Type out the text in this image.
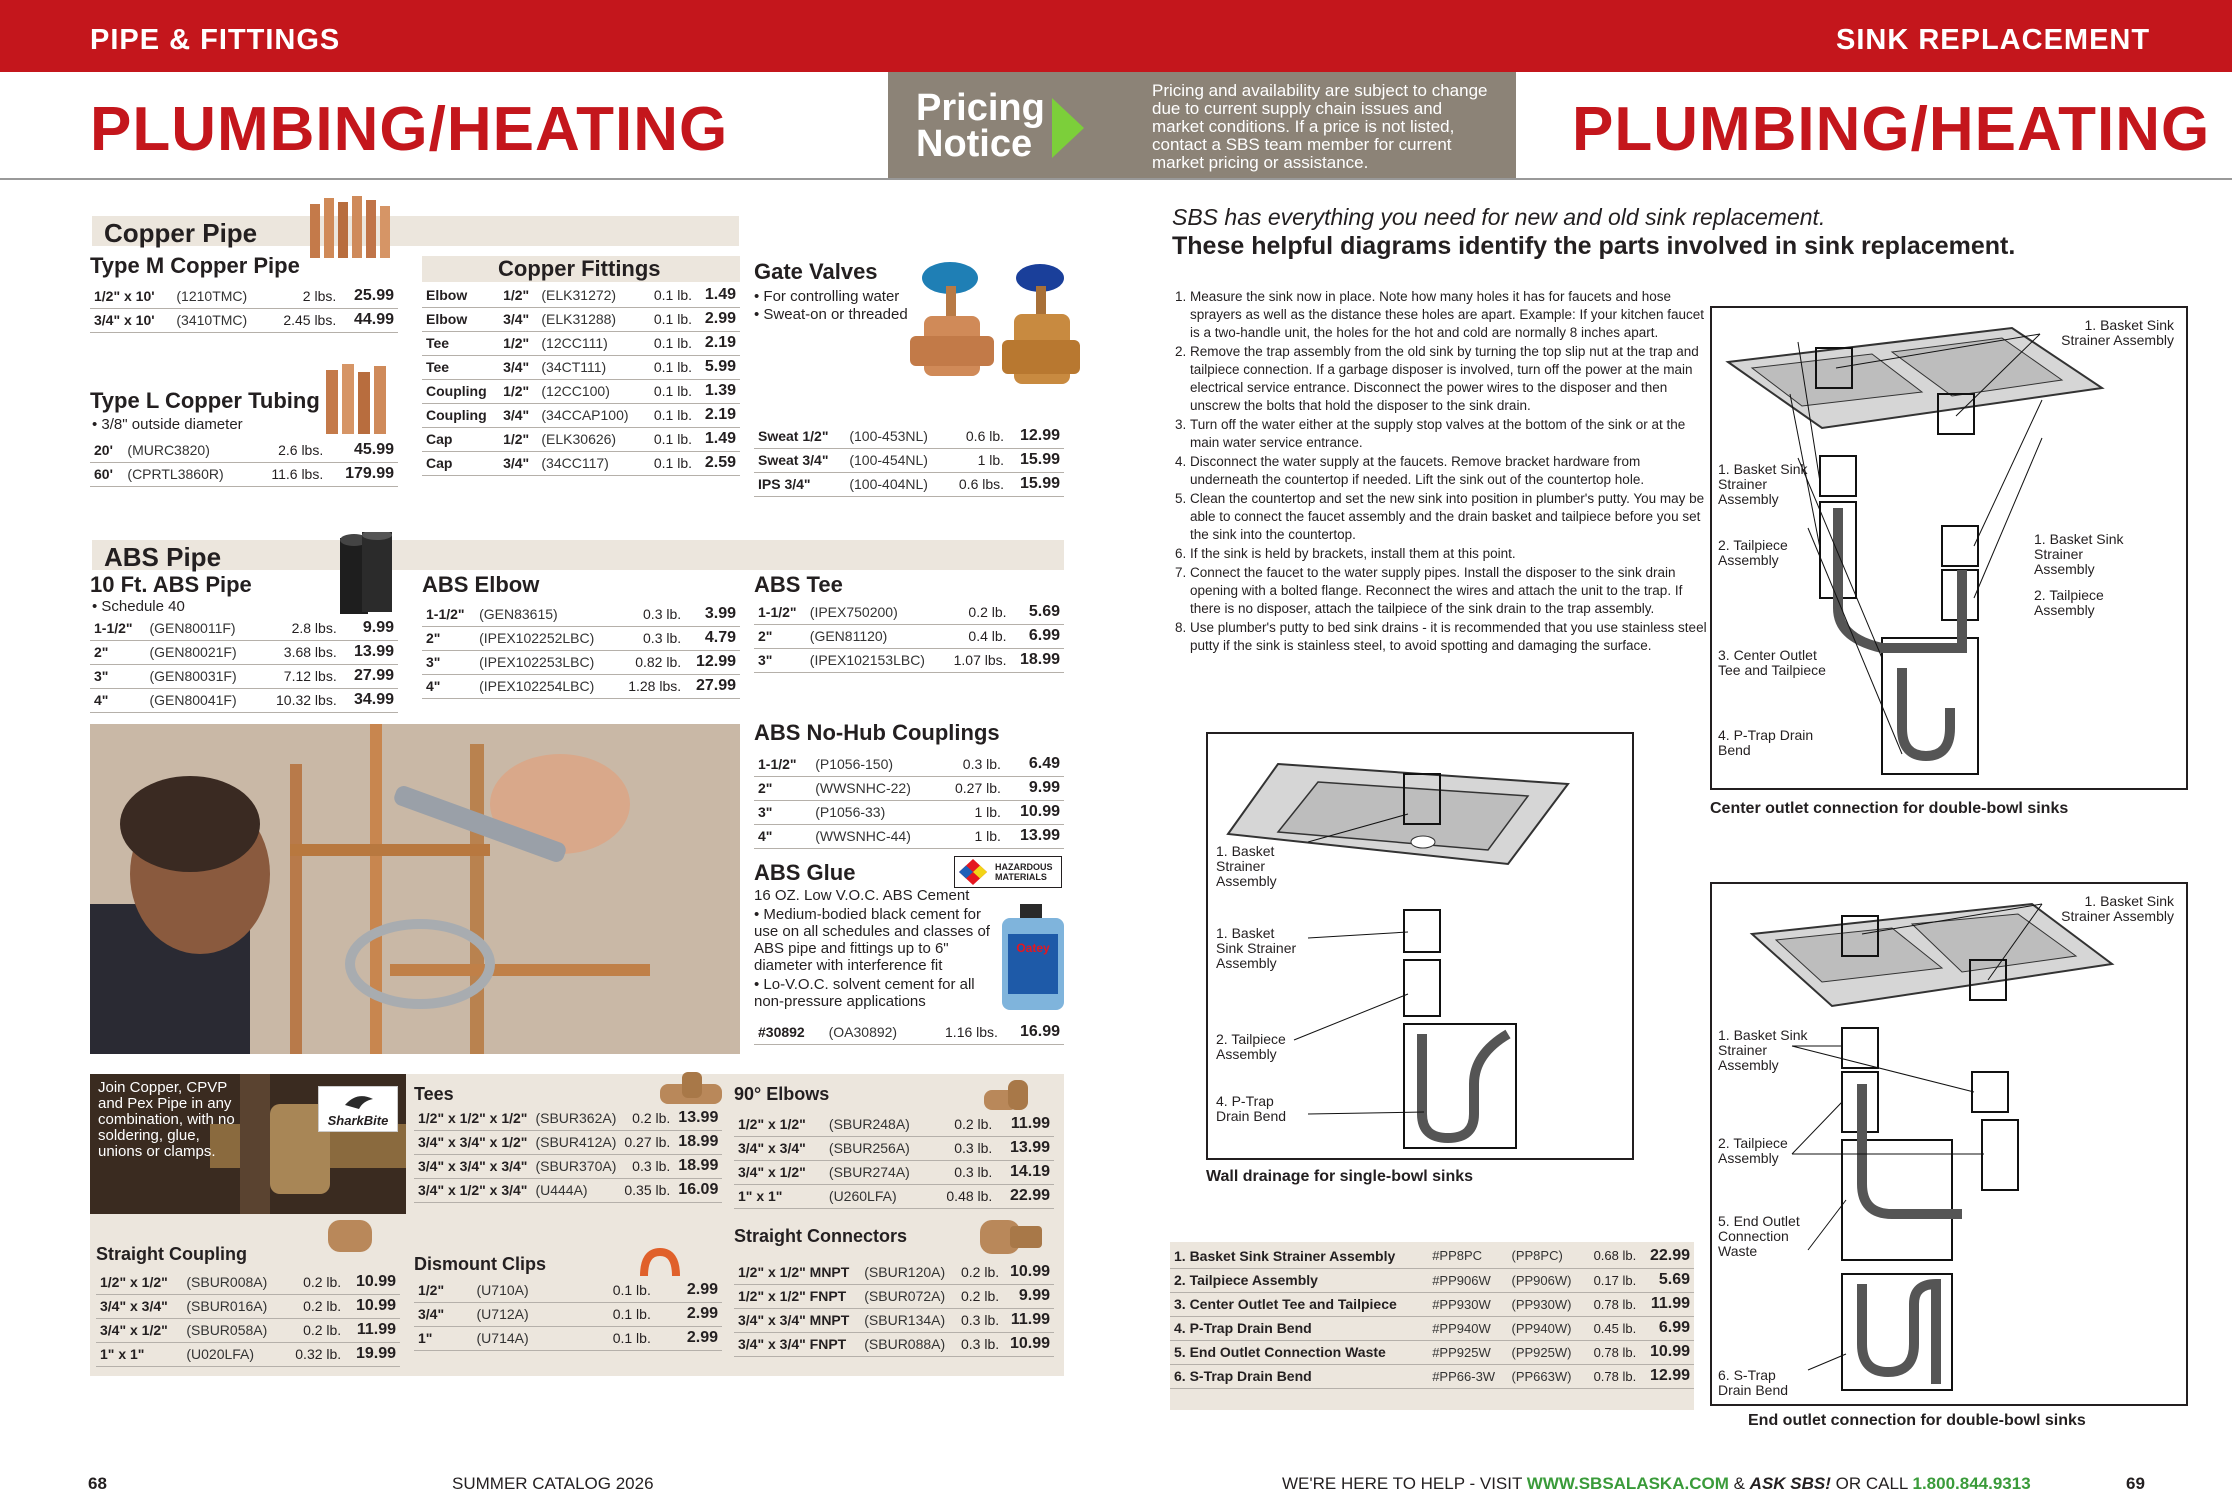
PIPE & FITTINGS	SINK REPLACEMENT
PLUMBING/HEATING	PLUMBING/HEATING
Pricing
Notice
Pricing and availability are subject to change due to current supply chain issues and market conditions. If a price is not listed, contact a SBS team member for current market pricing or assistance.
Copper Pipe
Type M Copper Pipe
1/2" x 10'	(1210TMC)	2 lbs.	25.99
3/4" x 10'	(3410TMC)	2.45 lbs.	44.99
Type L Copper Tubing
• 3/8" outside diameter
20'	(MURC3820)	2.6 lbs.	45.99
60'	(CPRTL3860R)	11.6 lbs.	179.99
Copper Fittings
Elbow	1/2"	(ELK31272)	0.1 lb.	1.49
Elbow	3/4"	(ELK31288)	0.1 lb.	2.99
Tee	1/2"	(12CC111)	0.1 lb.	2.19
Tee	3/4"	(34CT111)	0.1 lb.	5.99
Coupling	1/2"	(12CC100)	0.1 lb.	1.39
Coupling	3/4"	(34CCAP100)	0.1 lb.	2.19
Cap	1/2"	(ELK30626)	0.1 lb.	1.49
Cap	3/4"	(34CC117)	0.1 lb.	2.59
Gate Valves
• For controlling water
• Sweat-on or threaded
Sweat 1/2"	(100-453NL)	0.6 lb.	12.99
Sweat 3/4"	(100-454NL)	1 lb.	15.99
IPS 3/4"	(100-404NL)	0.6 lbs.	15.99
ABS Pipe
10 Ft. ABS Pipe
• Schedule 40
1-1/2"	(GEN80011F)	2.8 lbs.	9.99
2"	(GEN80021F)	3.68 lbs.	13.99
3"	(GEN80031F)	7.12 lbs.	27.99
4"	(GEN80041F)	10.32 lbs.	34.99
ABS Elbow
1-1/2"	(GEN83615)	0.3 lb.	3.99
2"	(IPEX102252LBC)	0.3 lb.	4.79
3"	(IPEX102253LBC)	0.82 lb.	12.99
4"	(IPEX102254LBC)	1.28 lbs.	27.99
ABS Tee
1-1/2"	(IPEX750200)	0.2 lb.	5.69
2"	(GEN81120)	0.4 lb.	6.99
3"	(IPEX102153LBC)	1.07 lbs.	18.99
ABS No-Hub Couplings
1-1/2"	(P1056-150)	0.3 lb.	6.49
2"	(WWSNHC-22)	0.27 lb.	9.99
3"	(P1056-33)	1 lb.	10.99
4"	(WWSNHC-44)	1 lb.	13.99
ABS Glue	HAZARDOUS MATERIALS
16 OZ. Low V.O.C. ABS Cement
• Medium-bodied black cement for use on all schedules and classes of ABS pipe and fittings up to 6" diameter with interference fit
• Lo-V.O.C. solvent cement for all non-pressure applications
Oatey
#30892	(OA30892)	1.16 lbs.	16.99
Join Copper, CPVP and Pex Pipe in any combination, with no soldering, glue, unions or clamps.
SharkBite
Tees
1/2" x 1/2" x 1/2"	(SBUR362A)	0.2 lb.	13.99
3/4" x 3/4" x 1/2"	(SBUR412A)	0.27 lb.	18.99
3/4" x 3/4" x 3/4"	(SBUR370A)	0.3 lb.	18.99
3/4" x 1/2" x 3/4"	(U444A)	0.35 lb.	16.09
90° Elbows
1/2" x 1/2"	(SBUR248A)	0.2 lb.	11.99
3/4" x 3/4"	(SBUR256A)	0.3 lb.	13.99
3/4" x 1/2"	(SBUR274A)	0.3 lb.	14.19
1" x 1"	(U260LFA)	0.48 lb.	22.99
Straight Coupling
1/2" x 1/2"	(SBUR008A)	0.2 lb.	10.99
3/4" x 3/4"	(SBUR016A)	0.2 lb.	10.99
3/4" x 1/2"	(SBUR058A)	0.2 lb.	11.99
1" x 1"	(U020LFA)	0.32 lb.	19.99
Dismount Clips
1/2"	(U710A)	0.1 lb.	2.99
3/4"	(U712A)	0.1 lb.	2.99
1"	(U714A)	0.1 lb.	2.99
Straight Connectors
1/2" x 1/2" MNPT	(SBUR120A)	0.2 lb.	10.99
1/2" x 1/2" FNPT	(SBUR072A)	0.2 lb.	9.99
3/4" x 3/4" MNPT	(SBUR134A)	0.3 lb.	11.99
3/4" x 3/4" FNPT	(SBUR088A)	0.3 lb.	10.99
SBS has everything you need for new and old sink replacement.
These helpful diagrams identify the parts involved in sink replacement.
1. Measure the sink now in place. Note how many holes it has for faucets and hose sprayers as well as the distance these holes are apart. Example: If your kitchen faucet is a two-handle unit, the holes for the hot and cold are normally 8 inches apart.
2. Remove the trap assembly from the old sink by turning the top slip nut at the trap and tailpiece connection. If a garbage disposer is involved, turn off the power at the main electrical service entrance. Disconnect the power wires to the disposer and then unscrew the bolts that hold the disposer to the sink drain.
3. Turn off the water either at the supply stop valves at the bottom of the sink or at the main water service entrance.
4. Disconnect the water supply at the faucets. Remove bracket hardware from underneath the countertop if needed. Lift the sink out of the countertop hole.
5. Clean the countertop and set the new sink into position in plumber's putty. You may be able to connect the faucet assembly and the drain basket and tailpiece before you set the sink into the countertop.
6. If the sink is held by brackets, install them at this point.
7. Connect the faucet to the water supply pipes. Install the disposer to the sink drain opening with a bolted flange. Reconnect the wires and attach the unit to the trap. If there is no disposer, attach the tailpiece of the sink drain to the trap assembly.
8. Use plumber's putty to bed sink drains - it is recommended that you use stainless steel putty if the sink is stainless steel, to avoid spotting and damaging the surface.
1. Basket Strainer Assembly
1. Basket Sink Strainer Assembly
2. Tailpiece Assembly
4. P-Trap Drain Bend
Wall drainage for single-bowl sinks
1. Basket Sink Strainer Assembly
1. Basket Sink Strainer Assembly
2. Tailpiece Assembly
1. Basket Sink Strainer Assembly
2. Tailpiece Assembly
3. Center Outlet Tee and Tailpiece
4. P-Trap Drain Bend
Center outlet connection for double-bowl sinks
1. Basket Sink Strainer Assembly
1. Basket Sink Strainer Assembly
2. Tailpiece Assembly
5. End Outlet Connection Waste
6. S-Trap Drain Bend
End outlet connection for double-bowl sinks
1. Basket Sink Strainer Assembly	#PP8PC	(PP8PC)	0.68 lb.	22.99
2. Tailpiece Assembly	#PP906W	(PP906W)	0.17 lb.	5.69
3. Center Outlet Tee and Tailpiece	#PP930W	(PP930W)	0.78 lb.	11.99
4. P-Trap Drain Bend	#PP940W	(PP940W)	0.45 lb.	6.99
5. End Outlet Connection Waste	#PP925W	(PP925W)	0.78 lb.	10.99
6. S-Trap Drain Bend	#PP66-3W	(PP663W)	0.78 lb.	12.99
68	SUMMER CATALOG 2026	WE'RE HERE TO HELP - VISIT WWW.SBSALASKA.COM & ASK SBS! OR CALL 1.800.844.9313	69
